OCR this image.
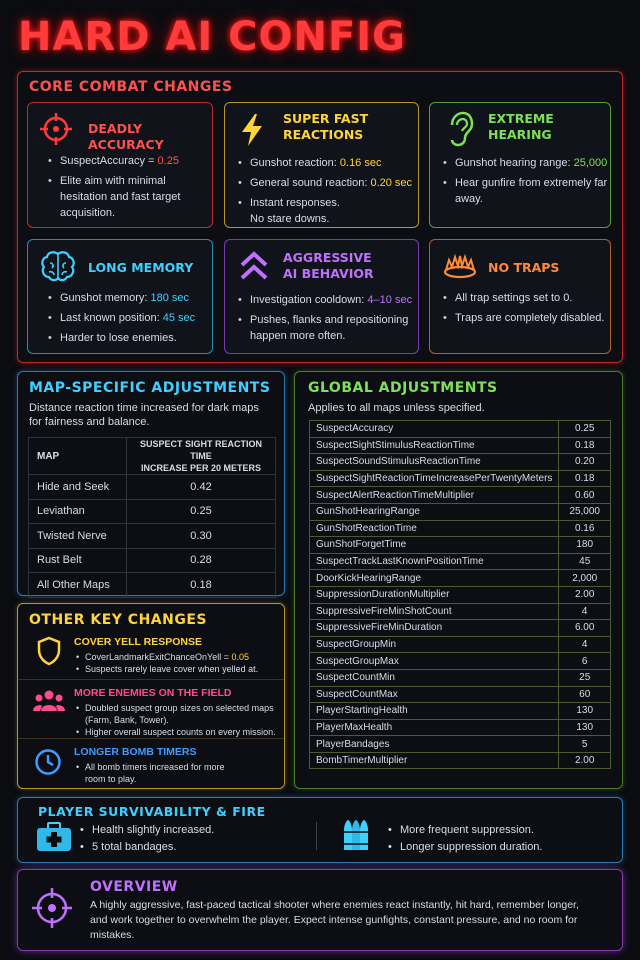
HARD AI CONFIG
CORE COMBAT CHANGES
DEADLY ACCURACY
• SuspectAccuracy = 0.25
• Elite aim with minimal hesitation and fast target acquisition.
SUPER FAST
REACTIONS
• Gunshot reaction: 0.16 sec
• General sound reaction: 0.20 sec
• Instant responses.
No stare downs.
EXTREME
HEARING
• Gunshot hearing range: 25,000
• Hear gunfire from extremely far away.
LONG MEMORY
• Gunshot memory: 180 sec
• Last known position: 45 sec
• Harder to lose enemies.
AGGRESSIVE
AI BEHAVIOR
• Investigation cooldown: 4–10 sec
• Pushes, flanks and repositioning happen more often.
NO TRAPS
• All trap settings set to 0.
• Traps are completely disabled.
MAP-SPECIFIC ADJUSTMENTS
Distance reaction time increased for dark maps for fairness and balance.
MAP	SUSPECT SIGHT REACTION TIME
INCREASE PER 20 METERS

Hide and Seek	0.42
Leviathan	0.25
Twisted Nerve	0.30
Rust Belt	0.28
All Other Maps	0.18
GLOBAL ADJUSTMENTS
Applies to all maps unless specified.
SuspectAccuracy	0.25
SuspectSightStimulusReactionTime	0.18
SuspectSoundStimulusReactionTime	0.20
SuspectSightReactionTimeIncreasePerTwentyMeters	0.18
SuspectAlertReactionTimeMultiplier	0.60
GunShotHearingRange	25,000
GunShotReactionTime	0.16
GunShotForgetTime	180
SuspectTrackLastKnownPositionTime	45
DoorKickHearingRange	2,000
SuppressionDurationMultiplier	2.00
SuppressiveFireMinShotCount	4
SuppressiveFireMinDuration	6.00
SuspectGroupMin	4
SuspectGroupMax	6
SuspectCountMin	25
SuspectCountMax	60
PlayerStartingHealth	130
PlayerMaxHealth	130
PlayerBandages	5
BombTimerMultiplier	2.00
OTHER KEY CHANGES
COVER YELL RESPONSE
• CoverLandmarkExitChanceOnYell = 0.05
• Suspects rarely leave cover when yelled at.
MORE ENEMIES ON THE FIELD
• Doubled suspect group sizes on selected maps (Farm, Bank, Tower).
• Higher overall suspect counts on every mission.
LONGER BOMB TIMERS
• All bomb timers increased for more room to play.
PLAYER SURVIVABILITY & FIRE
• Health slightly increased.
• 5 total bandages.
• More frequent suppression.
• Longer suppression duration.
OVERVIEW
A highly aggressive, fast-paced tactical shooter where enemies react instantly, hit hard, remember longer, and work together to overwhelm the player. Expect intense gunfights, constant pressure, and no room for mistakes.
